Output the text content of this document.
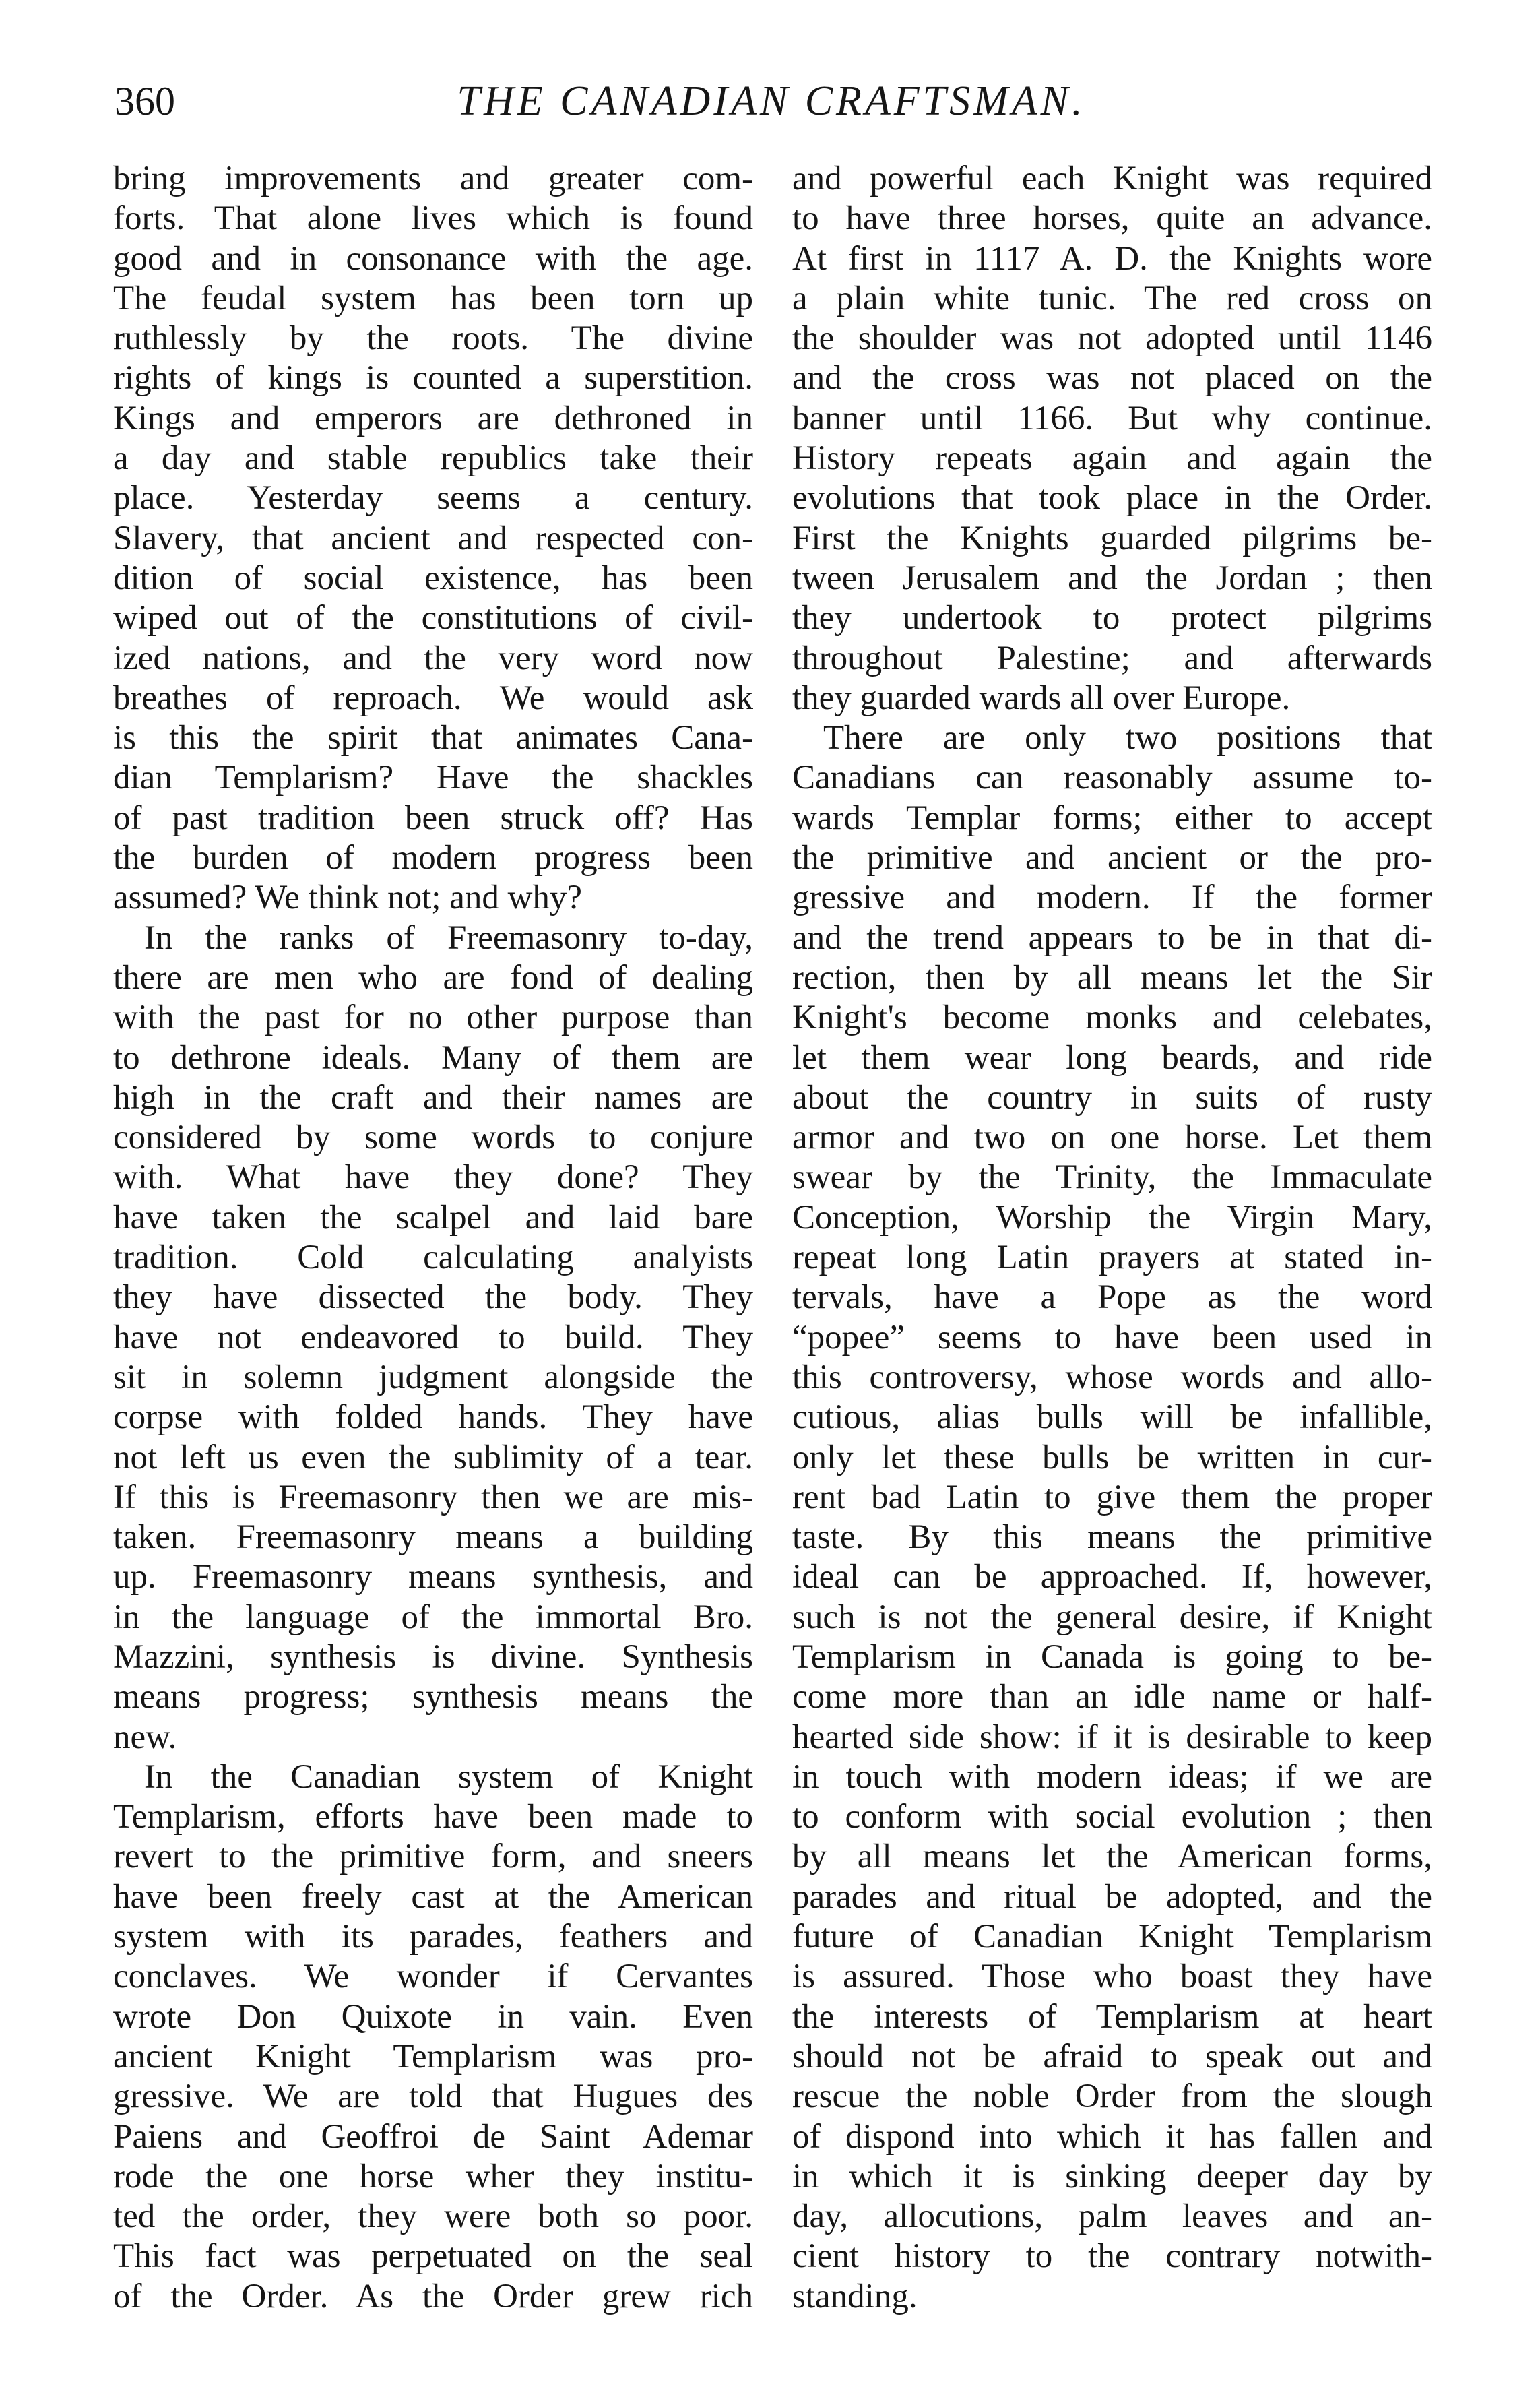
360	THE CANADIAN CRAFTSMAN.
bring improvements and greater com-
forts. That alone lives which is found
good and in consonance with the age.
The feudal system has been torn up
ruthlessly by the roots. The divine
rights of kings is counted a superstition.
Kings and emperors are dethroned in
a day and stable republics take their
place. Yesterday seems a century.
Slavery, that ancient and respected con-
dition of social existence, has been
wiped out of the constitutions of civil-
ized nations, and the very word now
breathes of reproach. We would ask
is this the spirit that animates Cana-
dian Templarism? Have the shackles
of past tradition been struck off? Has
the burden of modern progress been
assumed? We think not; and why?
In the ranks of Freemasonry to-day,
there are men who are fond of dealing
with the past for no other purpose than
to dethrone ideals. Many of them are
high in the craft and their names are
considered by some words to conjure
with. What have they done? They
have taken the scalpel and laid bare
tradition. Cold calculating analyists
they have dissected the body. They
have not endeavored to build. They
sit in solemn judgment alongside the
corpse with folded hands. They have
not left us even the sublimity of a tear.
If this is Freemasonry then we are mis-
taken. Freemasonry means a building
up. Freemasonry means synthesis, and
in the language of the immortal Bro.
Mazzini, synthesis is divine. Synthesis
means progress; synthesis means the
new.
In the Canadian system of Knight
Templarism, efforts have been made to
revert to the primitive form, and sneers
have been freely cast at the American
system with its parades, feathers and
conclaves. We wonder if Cervantes
wrote Don Quixote in vain. Even
ancient Knight Templarism was pro-
gressive. We are told that Hugues des
Paiens and Geoffroi de Saint Ademar
rode the one horse wher they institu-
ted the order, they were both so poor.
This fact was perpetuated on the seal
of the Order. As the Order grew rich
and powerful each Knight was required
to have three horses, quite an advance.
At first in 1117 A. D. the Knights wore
a plain white tunic. The red cross on
the shoulder was not adopted until 1146
and the cross was not placed on the
banner until 1166. But why continue.
History repeats again and again the
evolutions that took place in the Order.
First the Knights guarded pilgrims be-
tween Jerusalem and the Jordan ; then
they undertook to protect pilgrims
throughout Palestine; and afterwards
they guarded wards all over Europe.
There are only two positions that
Canadians can reasonably assume to-
wards Templar forms; either to accept
the primitive and ancient or the pro-
gressive and modern. If the former
and the trend appears to be in that di-
rection, then by all means let the Sir
Knight's become monks and celebates,
let them wear long beards, and ride
about the country in suits of rusty
armor and two on one horse. Let them
swear by the Trinity, the Immaculate
Conception, Worship the Virgin Mary,
repeat long Latin prayers at stated in-
tervals, have a Pope as the word
“popee” seems to have been used in
this controversy, whose words and allo-
cutious, alias bulls will be infallible,
only let these bulls be written in cur-
rent bad Latin to give them the proper
taste. By this means the primitive
ideal can be approached. If, however,
such is not the general desire, if Knight
Templarism in Canada is going to be-
come more than an idle name or half-
hearted side show: if it is desirable to keep
in touch with modern ideas; if we are
to conform with social evolution ; then
by all means let the American forms,
parades and ritual be adopted, and the
future of Canadian Knight Templarism
is assured. Those who boast they have
the interests of Templarism at heart
should not be afraid to speak out and
rescue the noble Order from the slough
of dispond into which it has fallen and
in which it is sinking deeper day by
day, allocutions, palm leaves and an-
cient history to the contrary notwith-
standing.
